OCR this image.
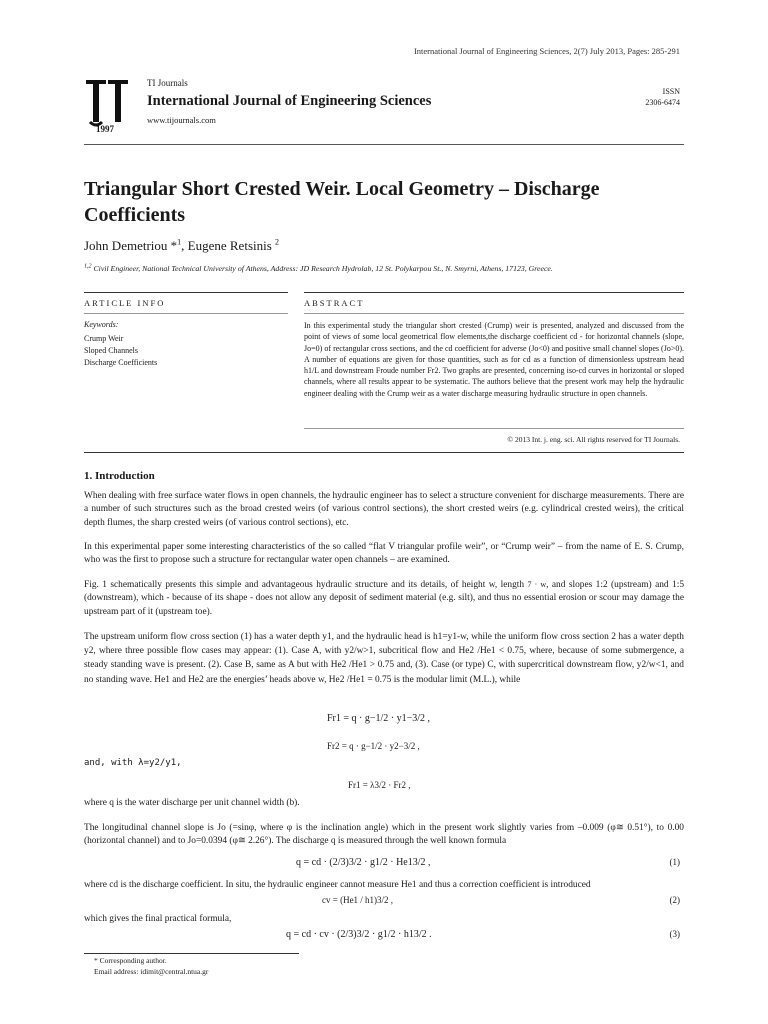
International Journal of Engineering Sciences, 2(7) July 2013, Pages: 285-291
1997
TI Journals
International Journal of Engineering Sciences
www.tijournals.com
ISSN
2306-6474
Triangular Short Crested Weir. Local Geometry – Discharge Coefficients
John Demetriou *$^1$, Eugene Retsinis $^2$
$^{1,2}$ Civil Engineer, National Technical University of Athens, Address: JD Research Hydrolab, 12 St. Polykarpou St., N. Smyrni, Athens, 17123, Greece.
ARTICLE INFO	ABSTRACT
Keywords:
Crump Weir
Sloped Channels
Discharge Coefficients
In this experimental study the triangular short crested (Crump) weir is presented, analyzed and discussed from the point of views of some local geometrical flow elements,the discharge coefficient cd - for horizontal channels (slope, Jo=0) of rectangular cross sections, and the cd coefficient for adverse (Jo<0) and positive small channel slopes (Jo>0). A number of equations are given for those quantities, such as for cd as a function of dimensionless upstream head h1/L and downstream Froude number Fr2. Two graphs are presented, concerning iso-cd curves in horizontal or sloped channels, where all results appear to be systematic. The authors believe that the present work may help the hydraulic engineer dealing with the Crump weir as a water discharge measuring hydraulic structure in open channels.
© 2013 Int. j. eng. sci. All rights reserved for TI Journals.
1. Introduction
When dealing with free surface water flows in open channels, the hydraulic engineer has to select a structure convenient for discharge measurements. There are a number of such structures such as the broad crested weirs (of various control sections), the short crested weirs (e.g. cylindrical crested weirs), the critical depth flumes, the sharp crested weirs (of various control sections), etc.
In this experimental paper some interesting characteristics of the so called “flat V triangular profile weir”, or “Crump weir” – from the name of E. S. Crump, who was the first to propose such a structure for rectangular water open channels – are examined.
Fig. 1 schematically presents this simple and advantageous hydraulic structure and its details, of height w, length 7 · w, and slopes 1:2 (upstream) and 1:5 (downstream), which - because of its shape - does not allow any deposit of sediment material (e.g. silt), and thus no essential erosion or scour may damage the upstream part of it (upstream toe).
The upstream uniform flow cross section (1) has a water depth y1, and the hydraulic head is h1=y1-w, while the uniform flow cross section 2 has a water depth y2, where three possible flow cases may appear: (1). Case A, with y2/w>1, subcritical flow and He2 /He1 < 0.75, where, because of some submergence, a steady standing wave is present. (2). Case B, same as A but with He2 /He1 > 0.75 and, (3). Case (or type) C, with supercritical downstream flow, y2/w<1, and no standing wave. He1 and He2 are the energies’ heads above w, He2 /He1 = 0.75 is the modular limit (M.L.), while
Fr1 = q · g−1/2 · y1−3/2 ,
Fr2 = q · g−1/2 · y2−3/2 ,
and, with λ=y2/y1,
Fr1 = λ3/2 · Fr2 ,
where q is the water discharge per unit channel width (b).
The longitudinal channel slope is Jo (=sinφ, where φ is the inclination angle) which in the present work slightly varies from –0.009 (φ≅ 0.51°), to 0.00 (horizontal channel) and to Jo=0.0394 (φ≅ 2.26°). The discharge q is measured through the well known formula
q = cd · (2/3)3/2 · g1/2 · He13/2 ,	(1)
where cd is the discharge coefficient. In situ, the hydraulic engineer cannot measure He1 and thus a correction coefficient is introduced
cv = (He1 / h1)3/2 ,	(2)
which gives the final practical formula,
q = cd · cv · (2/3)3/2 · g1/2 · h13/2 .	(3)
* Corresponding author.
Email address: idimit@central.ntua.gr
